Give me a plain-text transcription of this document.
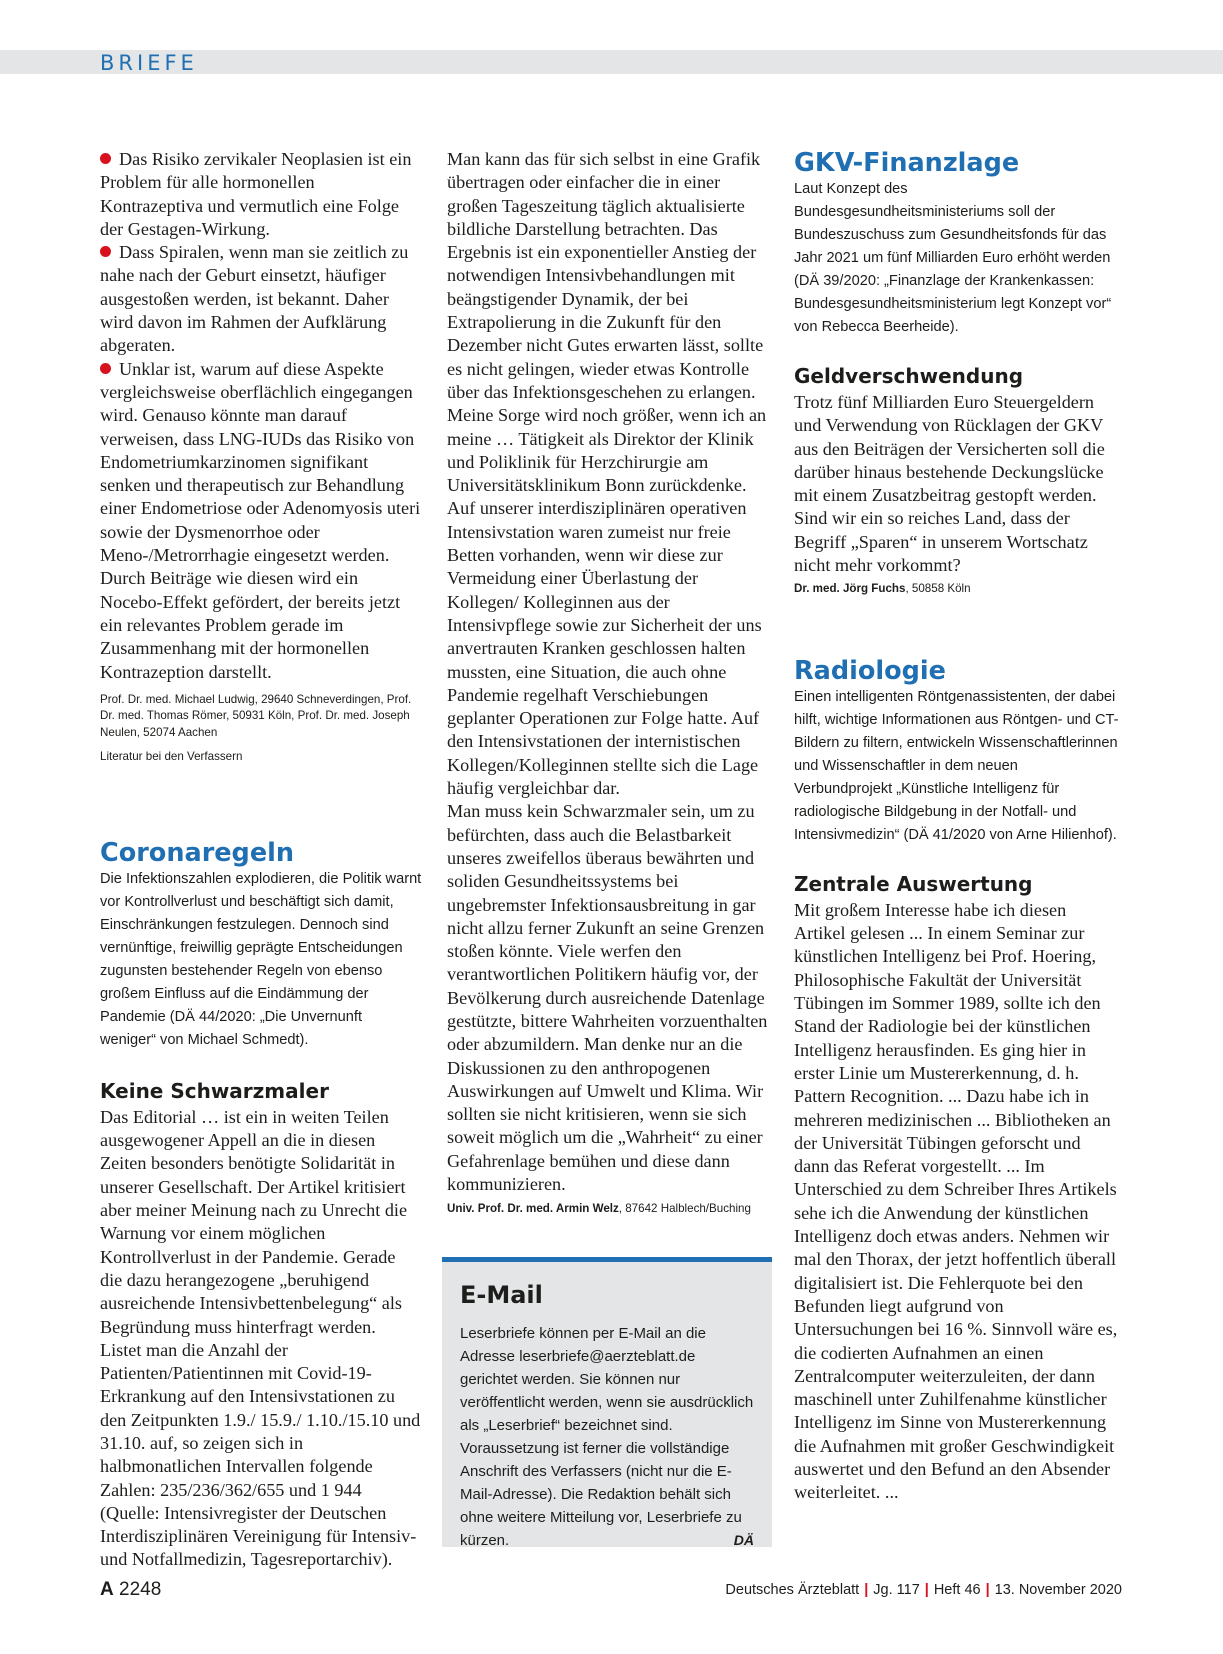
BRIEFE

Das Risiko zervikaler Neoplasien ist ein Problem für alle hormonellen Kontrazeptiva und vermutlich eine Folge der Gestagen-Wirkung.

Dass Spiralen, wenn man sie zeitlich zu nahe nach der Geburt einsetzt, häufiger ausgestoßen werden, ist bekannt. Daher wird davon im Rahmen der Aufklärung abgeraten.

Unklar ist, warum auf diese Aspekte vergleichsweise oberflächlich eingegangen wird. Genauso könnte man darauf verweisen, dass LNG-IUDs das Risiko von Endometriumkarzinomen signifikant senken und therapeutisch zur Behandlung einer Endometriose oder Adenomyosis uteri sowie der Dysmenorrhoe oder Meno-/Metrorrhagie eingesetzt werden.

Durch Beiträge wie diesen wird ein Nocebo-Effekt gefördert, der bereits jetzt ein relevantes Problem gerade im Zusammenhang mit der hormonellen Kontrazeption darstellt.

Prof. Dr. med. Michael Ludwig, 29640 Schneverdingen, Prof. Dr. med. Thomas Römer, 50931 Köln, Prof. Dr. med. Joseph Neulen, 52074 Aachen

Literatur bei den Verfassern

Coronaregeln

Die Infektionszahlen explodieren, die Politik warnt vor Kontrollverlust und beschäftigt sich damit, Einschränkungen festzulegen. Dennoch sind vernünftige, freiwillig geprägte Entscheidungen zugunsten bestehender Regeln von ebenso großem Einfluss auf die Eindämmung der Pandemie (DÄ 44/2020: „Die Unvernunft weniger“ von Michael Schmedt).

Keine Schwarzmaler

Das Editorial … ist ein in weiten Teilen ausgewogener Appell an die in diesen Zeiten besonders benötigte Solidarität in unserer Gesellschaft. Der Artikel kritisiert aber meiner Meinung nach zu Unrecht die Warnung vor einem möglichen Kontrollverlust in der Pandemie. Gerade die dazu herangezogene „beruhigend ausreichende Intensivbettenbelegung“ als Begründung muss hinterfragt werden.

Listet man die Anzahl der Patienten/Patientinnen mit Covid-19-Erkrankung auf den Intensivstationen zu den Zeitpunkten 1.9./ 15.9./ 1.10./15.10 und 31.10. auf, so zeigen sich in halbmonatlichen Intervallen folgende Zahlen: 235/236/362/655 und 1 944 (Quelle: Intensivregister der Deutschen Interdisziplinären Vereinigung für Intensiv- und Notfallmedizin, Tagesreportarchiv).

Man kann das für sich selbst in eine Grafik übertragen oder einfacher die in einer großen Tageszeitung täglich aktualisierte bildliche Darstellung betrachten. Das Ergebnis ist ein exponentieller Anstieg der notwendigen Intensivbehandlungen mit beängstigender Dynamik, der bei Extrapolierung in die Zukunft für den Dezember nicht Gutes erwarten lässt, sollte es nicht gelingen, wieder etwas Kontrolle über das Infektionsgeschehen zu erlangen.

Meine Sorge wird noch größer, wenn ich an meine … Tätigkeit als Direktor der Klinik und Poliklinik für Herzchirurgie am Universitätsklinikum Bonn zurückdenke. Auf unserer interdisziplinären operativen Intensivstation waren zumeist nur freie Betten vorhanden, wenn wir diese zur Vermeidung einer Überlastung der Kollegen/ Kolleginnen aus der Intensivpflege sowie zur Sicherheit der uns anvertrauten Kranken geschlossen halten mussten, eine Situation, die auch ohne Pandemie regelhaft Verschiebungen geplanter Operationen zur Folge hatte. Auf den Intensivstationen der internistischen Kollegen/Kolleginnen stellte sich die Lage häufig vergleichbar dar.

Man muss kein Schwarzmaler sein, um zu befürchten, dass auch die Belastbarkeit unseres zweifellos überaus bewährten und soliden Gesundheitssystems bei ungebremster Infektionsausbreitung in gar nicht allzu ferner Zukunft an seine Grenzen stoßen könnte. Viele werfen den verantwortlichen Politikern häufig vor, der Bevölkerung durch ausreichende Datenlage gestützte, bittere Wahrheiten vorzuenthalten oder abzumildern. Man denke nur an die Diskussionen zu den anthropogenen Auswirkungen auf Umwelt und Klima. Wir sollten sie nicht kritisieren, wenn sie sich soweit möglich um die „Wahrheit“ zu einer Gefahrenlage bemühen und diese dann kommunizieren.

Univ. Prof. Dr. med. Armin Welz, 87642 Halblech/Buching

E-Mail

Leserbriefe können per E-Mail an die Adresse leserbriefe@aerzteblatt.de gerichtet werden. Sie können nur veröffentlicht werden, wenn sie ausdrücklich als „Leserbrief“ bezeichnet sind. Voraussetzung ist ferner die vollständige Anschrift des Verfassers (nicht nur die E-Mail-Adresse). Die Redaktion behält sich ohne weitere Mitteilung vor, Leserbriefe zu kürzen.	DÄ

GKV-Finanzlage

Laut Konzept des Bundesgesundheitsministeriums soll der Bundeszuschuss zum Gesundheitsfonds für das Jahr 2021 um fünf Milliarden Euro erhöht werden (DÄ 39/2020: „Finanzlage der Krankenkassen: Bundesgesundheitsministerium legt Konzept vor“ von Rebecca Beerheide).

Geldverschwendung

Trotz fünf Milliarden Euro Steuergeldern und Verwendung von Rücklagen der GKV aus den Beiträgen der Versicherten soll die darüber hinaus bestehende Deckungslücke mit einem Zusatzbeitrag gestopft werden. Sind wir ein so reiches Land, dass der Begriff „Sparen“ in unserem Wortschatz nicht mehr vorkommt?

Dr. med. Jörg Fuchs, 50858 Köln

Radiologie

Einen intelligenten Röntgenassistenten, der dabei hilft, wichtige Informationen aus Röntgen- und CT-Bildern zu filtern, entwickeln Wissenschaftlerinnen und Wissenschaftler in dem neuen Verbundprojekt „Künstliche Intelligenz für radiologische Bildgebung in der Notfall- und Intensivmedizin“ (DÄ 41/2020 von Arne Hilienhof).

Zentrale Auswertung

Mit großem Interesse habe ich diesen Artikel gelesen ... In einem Seminar zur künstlichen Intelligenz bei Prof. Hoering, Philosophische Fakultät der Universität Tübingen im Sommer 1989, sollte ich den Stand der Radiologie bei der künstlichen Intelligenz herausfinden. Es ging hier in erster Linie um Mustererkennung, d. h. Pattern Recognition. ... Dazu habe ich in mehreren medizinischen ... Bibliotheken an der Universität Tübingen geforscht und dann das Referat vorgestellt. ... Im Unterschied zu dem Schreiber Ihres Artikels sehe ich die Anwendung der künstlichen Intelligenz doch etwas anders. Nehmen wir mal den Thorax, der jetzt hoffentlich überall digitalisiert ist. Die Fehlerquote bei den Befunden liegt aufgrund von Untersuchungen bei 16 %. Sinnvoll wäre es, die codierten Aufnahmen an einen Zentralcomputer weiterzuleiten, der dann maschinell unter Zuhilfenahme künstlicher Intelligenz im Sinne von Mustererkennung die Aufnahmen mit großer Geschwindigkeit auswertet und den Befund an den Absender weiterleitet. ...

A 2248	Deutsches Ärzteblatt | Jg. 117 | Heft 46 | 13. November 2020
